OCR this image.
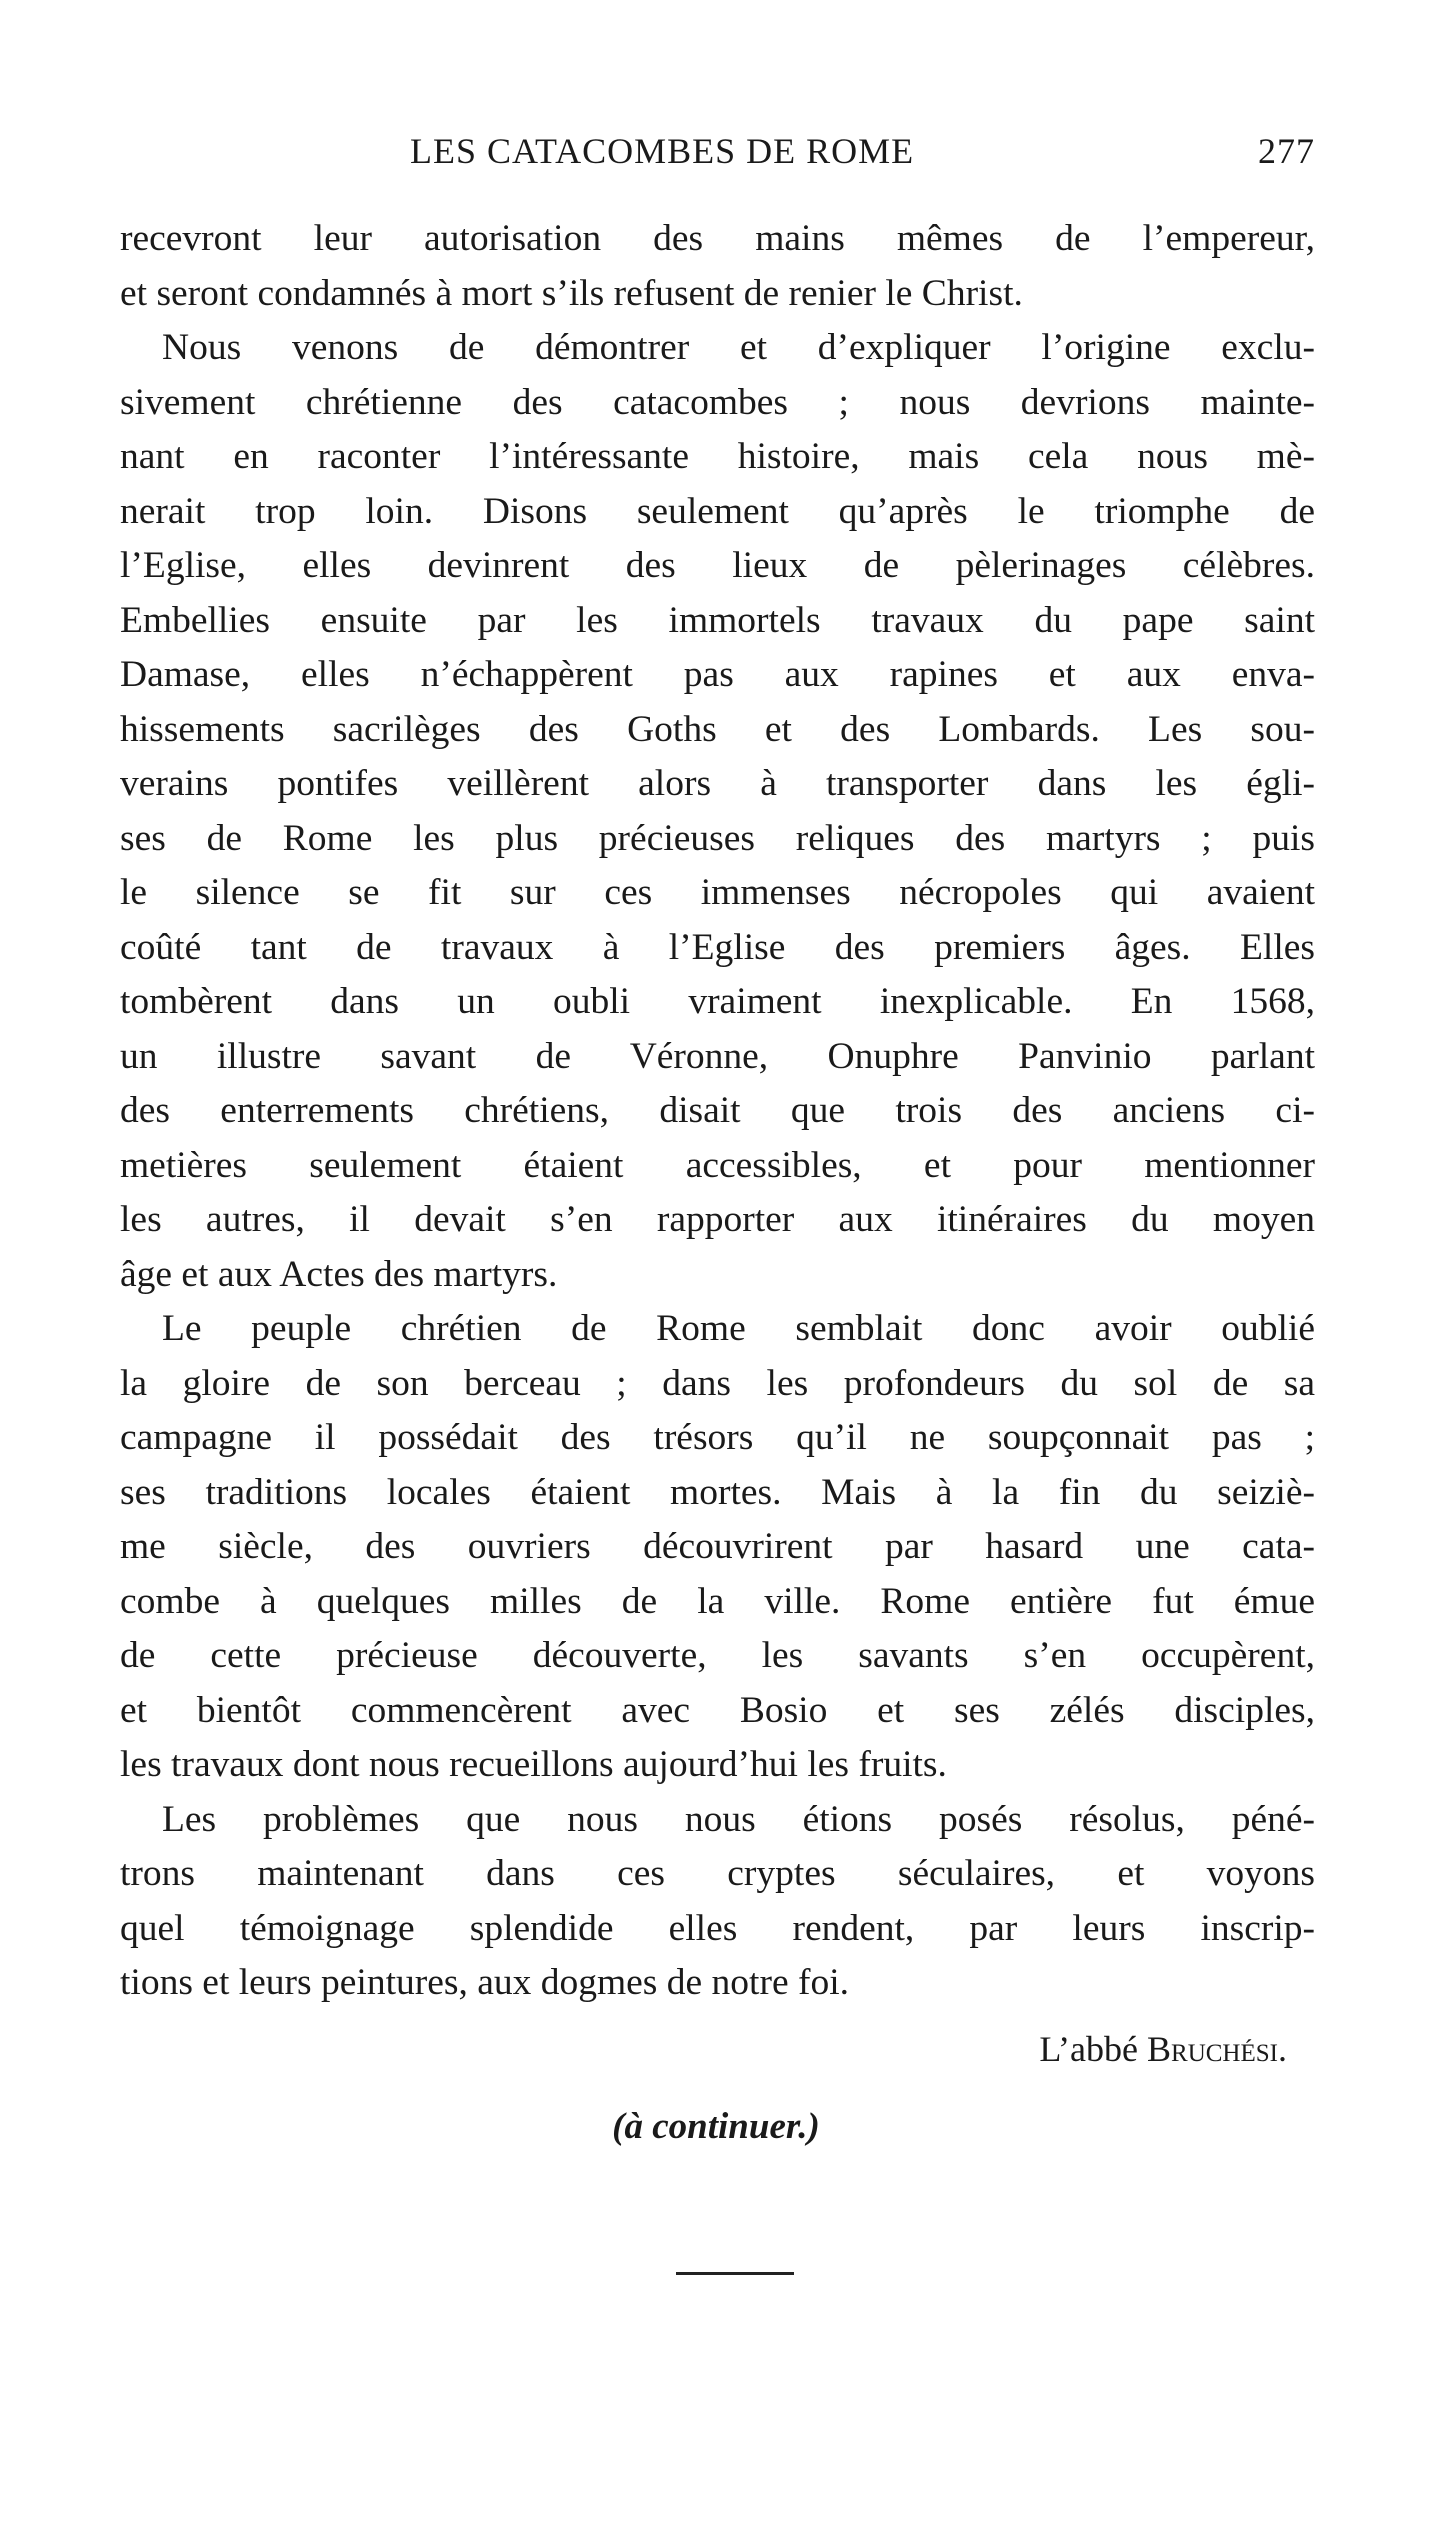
LES CATACOMBES DE ROME	277
recevront leur autorisation des mains mêmes de l’empereur,
et seront condamnés à mort s’ils refusent de renier le Christ.
Nous venons de démontrer et d’expliquer l’origine exclu-
sivement chrétienne des catacombes ; nous devrions mainte-
nant en raconter l’intéressante histoire, mais cela nous mè-
nerait trop loin. Disons seulement qu’après le triomphe de
l’Eglise, elles devinrent des lieux de pèlerinages célèbres.
Embellies ensuite par les immortels travaux du pape saint
Damase, elles n’échappèrent pas aux rapines et aux enva-
hissements sacrilèges des Goths et des Lombards. Les sou-
verains pontifes veillèrent alors à transporter dans les égli-
ses de Rome les plus précieuses reliques des martyrs ; puis
le silence se fit sur ces immenses nécropoles qui avaient
coûté tant de travaux à l’Eglise des premiers âges. Elles
tombèrent dans un oubli vraiment inexplicable. En 1568,
un illustre savant de Véronne, Onuphre Panvinio parlant
des enterrements chrétiens, disait que trois des anciens ci-
metières seulement étaient accessibles, et pour mentionner
les autres, il devait s’en rapporter aux itinéraires du moyen
âge et aux Actes des martyrs.
Le peuple chrétien de Rome semblait donc avoir oublié
la gloire de son berceau ; dans les profondeurs du sol de sa
campagne il possédait des trésors qu’il ne soupçonnait pas ;
ses traditions locales étaient mortes. Mais à la fin du seiziè-
me siècle, des ouvriers découvrirent par hasard une cata-
combe à quelques milles de la ville. Rome entière fut émue
de cette précieuse découverte, les savants s’en occupèrent,
et bientôt commencèrent avec Bosio et ses zélés disciples,
les travaux dont nous recueillons aujourd’hui les fruits.
Les problèmes que nous nous étions posés résolus, péné-
trons maintenant dans ces cryptes séculaires, et voyons
quel témoignage splendide elles rendent, par leurs inscrip-
tions et leurs peintures, aux dogmes de notre foi.
L’abbé Bruchési.
(à continuer.)
